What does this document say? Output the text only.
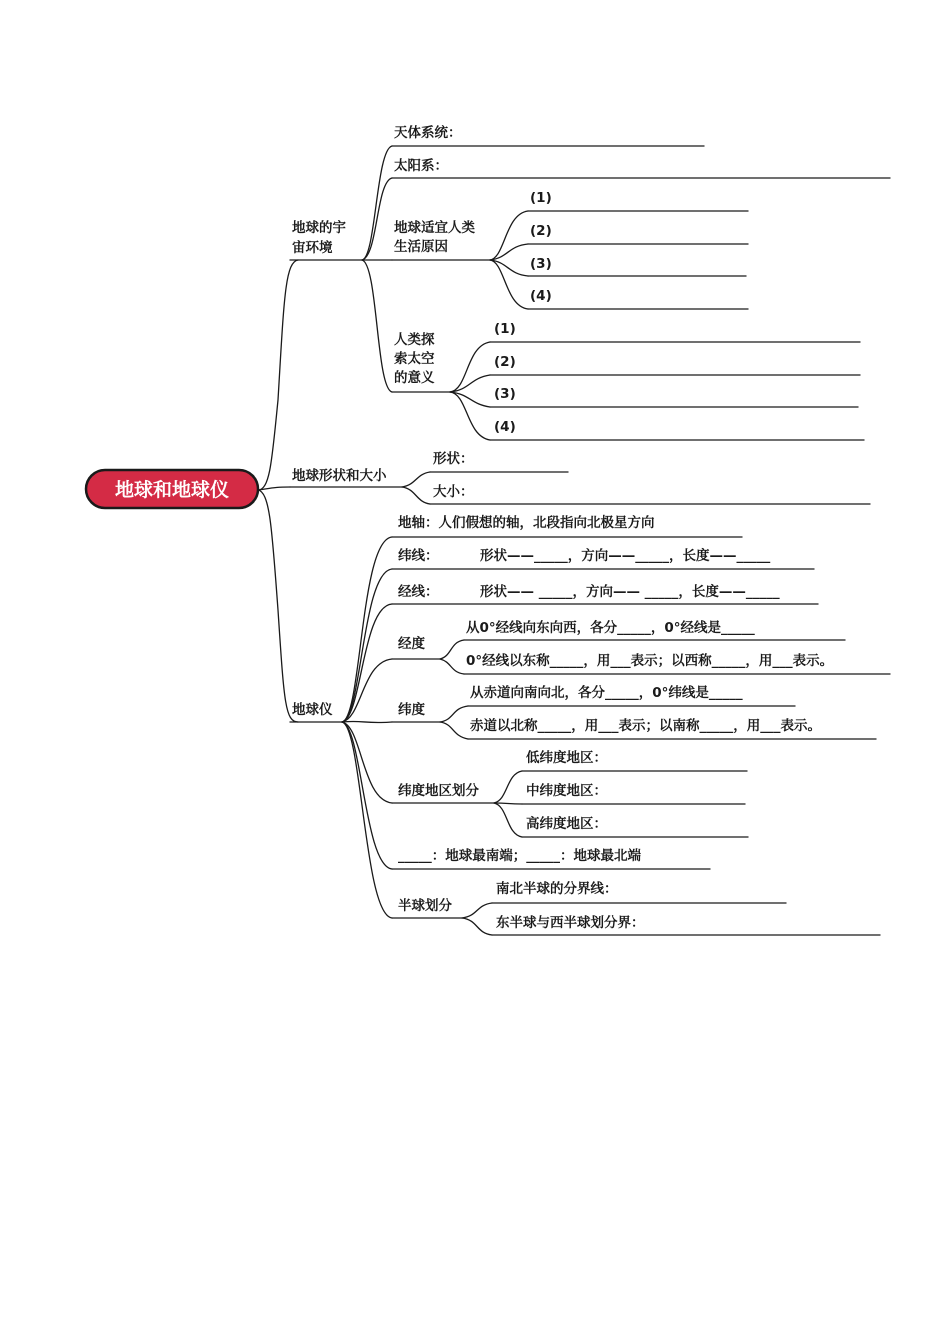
地球和地球仪
地球的宇
宙环境
地球形状和大小
地球仪
天体系统：
太阳系：
地球适宜人类
生活原因
(1)
(2)
(3)
(4)
人类探
索太空
的意义
(1)
(2)
(3)
(4)
形状：
大小：
地轴：人们假想的轴，北段指向北极星方向
纬线：	形状——_____，方向——_____，长度——_____
经线：	形状—— _____，方向—— _____，长度——_____
经度
从0°经线向东向西，各分_____，0°经线是_____
0°经线以东称_____，用___表示；以西称_____，用___表示。
纬度
从赤道向南向北，各分_____，0°纬线是_____
赤道以北称_____，用___表示；以南称_____，用___表示。
纬度地区划分
低纬度地区：
中纬度地区：
高纬度地区：
_____：地球最南端；_____：地球最北端
半球划分
南北半球的分界线：
东半球与西半球划分界：
